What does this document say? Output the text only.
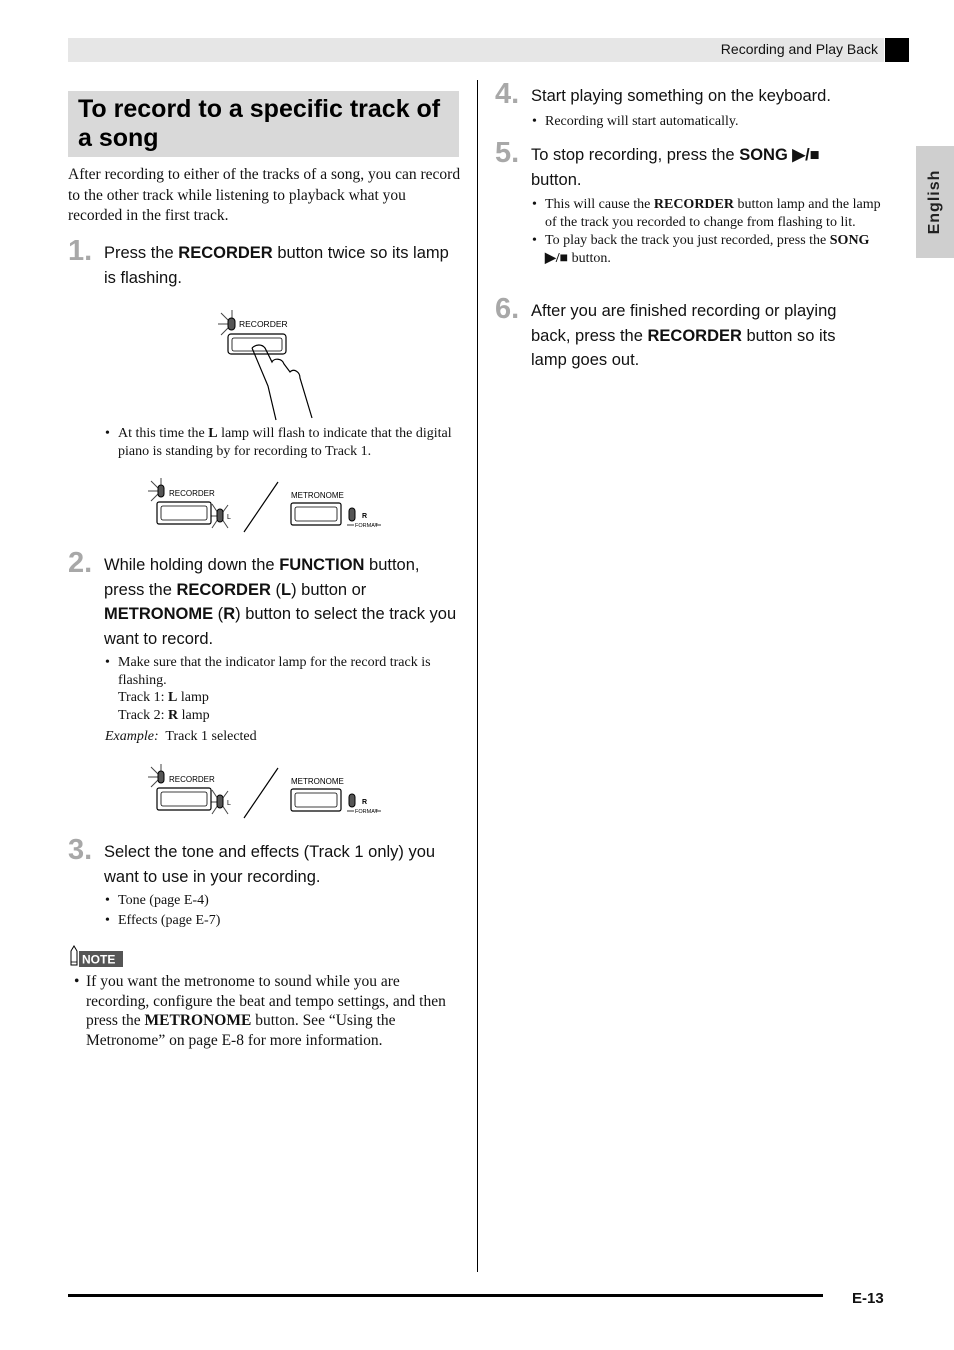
Recording and Play Back
English
To record to a specific track of a song
After recording to either of the tracks of a song, you can record to the other track while listening to playback what you recorded in the first track.
1. Press the RECORDER button twice so its lamp is flashing.
RECORDER
• At this time the L lamp will flash to indicate that the digital piano is standing by for recording to Track 1.
RECORDER
L
METRONOME
R
FORMAT
2. While holding down the FUNCTION button, press the RECORDER (L) button or METRONOME (R) button to select the track you want to record.
• Make sure that the indicator lamp for the record track is flashing.
Track 1: L lamp
Track 2: R lamp
Example: Track 1 selected
RECORDER
L
METRONOME
R
FORMAT
3. Select the tone and effects (Track 1 only) you want to use in your recording.
• Tone (page E-4)
• Effects (page E-7)
NOTE
• If you want the metronome to sound while you are recording, configure the beat and tempo settings, and then press the METRONOME button. See “Using the Metronome” on page E-8 for more information.
4. Start playing something on the keyboard.
• Recording will start automatically.
5. To stop recording, press the SONG ▶/■ button.
• This will cause the RECORDER button lamp and the lamp of the track you recorded to change from flashing to lit.
• To play back the track you just recorded, press the SONG ▶/■ button.
6. After you are finished recording or playing back, press the RECORDER button so its lamp goes out.
E-13
